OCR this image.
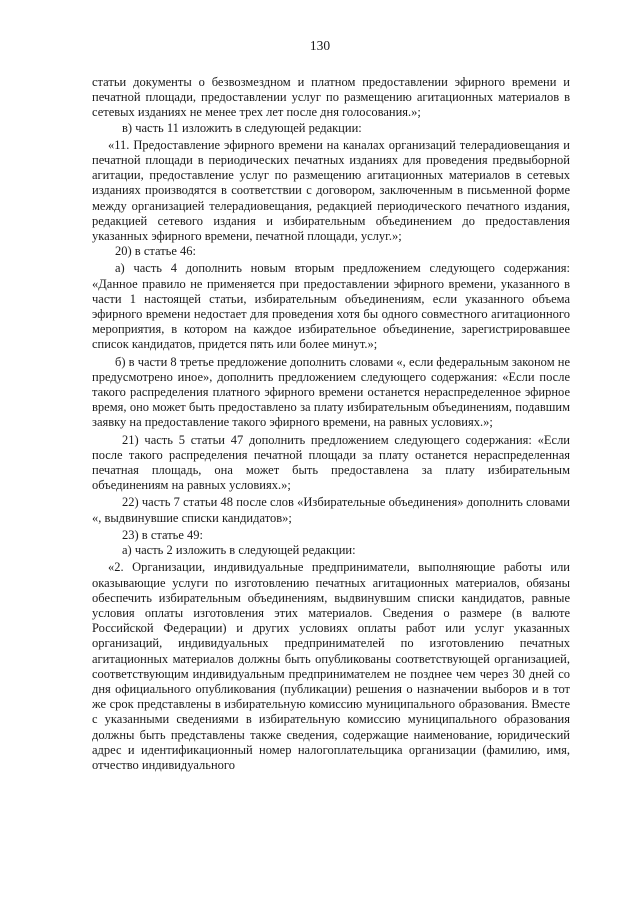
130

статьи документы о безвозмездном и платном предоставлении эфирного времени и печатной площади, предоставлении услуг по размещению агитационных материалов в сетевых изданиях не менее трех лет после дня голосования.»;

в) часть 11 изложить в следующей редакции:

«11. Предоставление эфирного времени на каналах организаций телерадиовещания и печатной площади в периодических печатных изданиях для проведения предвыборной агитации, предоставление услуг по размещению агитационных материалов в сетевых изданиях производятся в соответствии с договором, заключенным в письменной форме между организацией телерадиовещания, редакцией периодического печатного издания, редакцией сетевого издания и избирательным объединением до предоставления указанных эфирного времени, печатной площади, услуг.»;

20) в статье 46:

а) часть 4 дополнить новым вторым предложением следующего содержания: «Данное правило не применяется при предоставлении эфирного времени, указанного в части 1 настоящей статьи, избирательным объединениям, если указанного объема эфирного времени недостает для проведения хотя бы одного совместного агитационного мероприятия, в котором на каждое избирательное объединение, зарегистрировавшее список кандидатов, придется пять или более минут.»;

б) в части 8 третье предложение дополнить словами «, если федеральным законом не предусмотрено иное», дополнить предложением следующего содержания: «Если после такого распределения платного эфирного времени останется нераспределенное эфирное время, оно может быть предоставлено за плату избирательным объединениям, подавшим заявку на предоставление такого эфирного времени, на равных условиях.»;

21) часть 5 статьи 47 дополнить предложением следующего содержания: «Если после такого распределения печатной площади за плату останется нераспределенная печатная площадь, она может быть предоставлена за плату избирательным объединениям на равных условиях.»;

22) часть 7 статьи 48 после слов «Избирательные объединения» дополнить словами «, выдвинувшие списки кандидатов»;

23) в статье 49:

а) часть 2 изложить в следующей редакции:

«2. Организации, индивидуальные предприниматели, выполняющие работы или оказывающие услуги по изготовлению печатных агитационных материалов, обязаны обеспечить избирательным объединениям, выдвинувшим списки кандидатов, равные условия оплаты изготовления этих материалов. Сведения о размере (в валюте Российской Федерации) и других условиях оплаты работ или услуг указанных организаций, индивидуальных предпринимателей по изготовлению печатных агитационных материалов должны быть опубликованы соответствующей организацией, соответствующим индивидуальным предпринимателем не позднее чем через 30 дней со дня официального опубликования (публикации) решения о назначении выборов и в тот же срок представлены в избирательную комиссию муниципального образования. Вместе с указанными сведениями в избирательную комиссию муниципального образования должны быть представлены также сведения, содержащие наименование, юридический адрес и идентификационный номер налогоплательщика организации (фамилию, имя, отчество индивидуального
